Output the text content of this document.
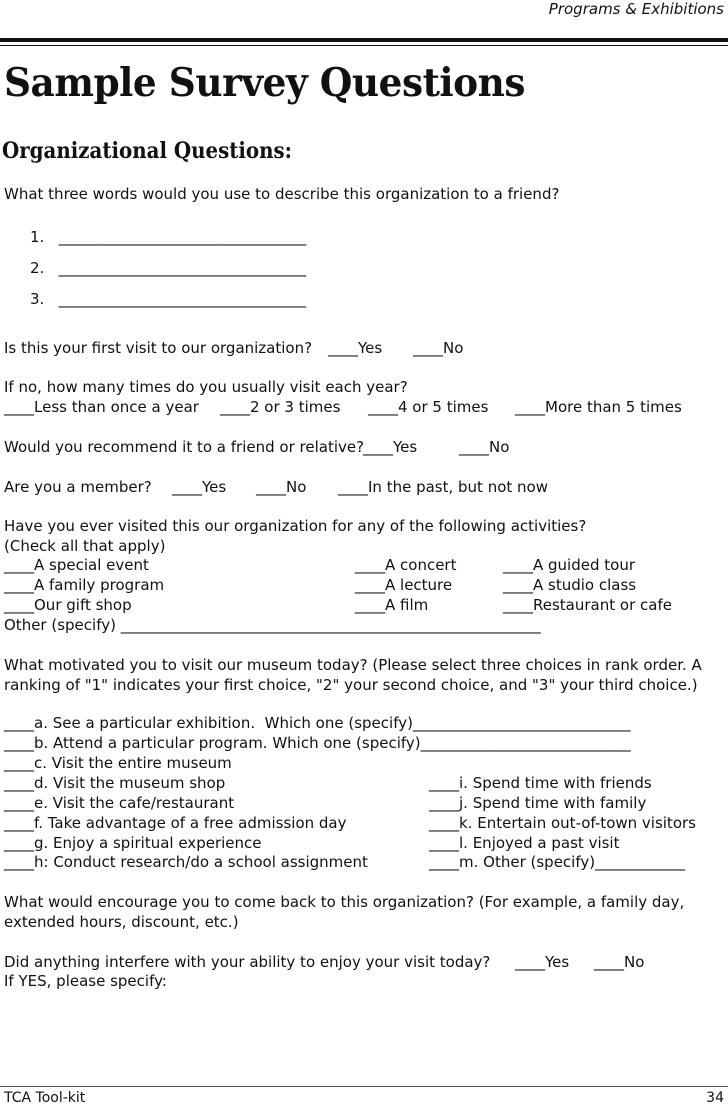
Programs & Exhibitions
Sample Survey Questions
Organizational Questions:
What three words would you use to describe this organization to a friend?
1.   _________________________________
2.   _________________________________
3.   _________________________________
Is this your first visit to our organization? ____Yes ____No
If no, how many times do you usually visit each year?
____Less than once a year ____2 or 3 times ____4 or 5 times ____More than 5 times
Would you recommend it to a friend or relative?
____Yes	____No
Are you a member? ____Yes ____No ____In the past, but not now
Have you ever visited this our organization for any of the following activities?
(Check all that apply)
____A special event
____A family program
____Our gift shop
____A concert
____A lecture
____A film
____A guided tour
____A studio class
____Restaurant or cafe
Other (specify) ________________________________________________________
What motivated you to visit our museum today? (Please select three choices in rank order. A
ranking of "1" indicates your first choice, "2" your second choice, and "3" your third choice.)
____a. See a particular exhibition.  Which one (specify)_____________________________
____b. Attend a particular program. Which one (specify)____________________________
____c. Visit the entire museum
____d. Visit the museum shop
____e. Visit the cafe/restaurant
____f. Take advantage of a free admission day
____g. Enjoy a spiritual experience
____h: Conduct research/do a school assignment
____i. Spend time with friends
____j. Spend time with family
____k. Entertain out-of-town visitors
____l. Enjoyed a past visit
____m. Other (specify)____________
What would encourage you to come back to this organization? (For example, a family day,
extended hours, discount, etc.)
Did anything interfere with your ability to enjoy your visit today? ____Yes ____No
If YES, please specify:
TCA Tool-kit	34
